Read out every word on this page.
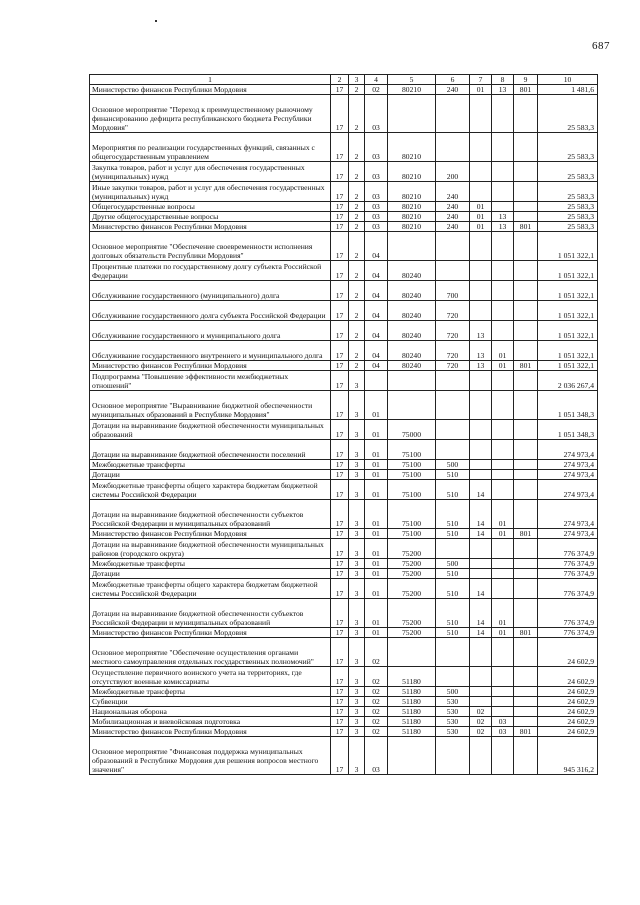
687
1	2	3	4	5	6	7	8	9	10
Министерство финансов Республики Мордовия	17	2	02	80210	240	01	13	801	1 481,6
Основное мероприятие "Переход к преимущественному рыночному финансированию дефицита республиканского бюджета Республики Мордовия"	17	2	03						25 583,3
Мероприятия по реализации государственных функций, связанных с общегосударственным управлением	17	2	03	80210					25 583,3
Закупка товаров, работ и услуг для обеспечения государственных (муниципальных) нужд	17	2	03	80210	200				25 583,3
Иные закупки товаров, работ и услуг для обеспечения государственных (муниципальных) нужд	17	2	03	80210	240				25 583,3
Общегосударственные вопросы	17	2	03	80210	240	01			25 583,3
Другие общегосударственные вопросы	17	2	03	80210	240	01	13		25 583,3
Министерство финансов Республики Мордовия	17	2	03	80210	240	01	13	801	25 583,3
Основное мероприятие "Обеспечение своевременности исполнения долговых обязательств Республики Мордовия"	17	2	04						1 051 322,1
Процентные платежи по государственному долгу субъекта Российской Федерации	17	2	04	80240					1 051 322,1
Обслуживание государственного (муниципального) долга	17	2	04	80240	700				1 051 322,1
Обслуживание государственного долга субъекта Российской Федерации	17	2	04	80240	720				1 051 322,1
Обслуживание государственного и муниципального долга	17	2	04	80240	720	13			1 051 322,1
Обслуживание государственного внутреннего и муниципального долга	17	2	04	80240	720	13	01		1 051 322,1
Министерство финансов Республики Мордовия	17	2	04	80240	720	13	01	801	1 051 322,1
Подпрограмма "Повышение эффективности межбюджетных отношений"	17	3							2 036 267,4
Основное мероприятие "Выравнивание бюджетной обеспеченности муниципальных образований в Республике Мордовия"	17	3	01						1 051 348,3
Дотации на выравнивание бюджетной обеспеченности муниципальных образований	17	3	01	75000					1 051 348,3
Дотации на выравнивание бюджетной обеспеченности поселений	17	3	01	75100					274 973,4
Межбюджетные трансферты	17	3	01	75100	500				274 973,4
Дотации	17	3	01	75100	510				274 973,4
Межбюджетные трансферты общего характера бюджетам бюджетной системы Российской Федерации	17	3	01	75100	510	14			274 973,4
Дотации на выравнивание бюджетной обеспеченности субъектов Российской Федерации и муниципальных образований	17	3	01	75100	510	14	01		274 973,4
Министерство финансов Республики Мордовия	17	3	01	75100	510	14	01	801	274 973,4
Дотации на выравнивание бюджетной обеспеченности муниципальных районов (городского округа)	17	3	01	75200					776 374,9
Межбюджетные трансферты	17	3	01	75200	500				776 374,9
Дотации	17	3	01	75200	510				776 374,9
Межбюджетные трансферты общего характера бюджетам бюджетной системы Российской Федерации	17	3	01	75200	510	14			776 374,9
Дотации на выравнивание бюджетной обеспеченности субъектов Российской Федерации и муниципальных образований	17	3	01	75200	510	14	01		776 374,9
Министерство финансов Республики Мордовия	17	3	01	75200	510	14	01	801	776 374,9
Основное мероприятие "Обеспечение осуществления органами местного самоуправления отдельных государственных полномочий"	17	3	02						24 602,9
Осуществление первичного воинского учета на территориях, где отсутствуют военные комиссариаты	17	3	02	51180					24 602,9
Межбюджетные трансферты	17	3	02	51180	500				24 602,9
Субвенции	17	3	02	51180	530				24 602,9
Национальная оборона	17	3	02	51180	530	02			24 602,9
Мобилизационная и вневойсковая подготовка	17	3	02	51180	530	02	03		24 602,9
Министерство финансов Республики Мордовия	17	3	02	51180	530	02	03	801	24 602,9
Основное мероприятие "Финансовая поддержка муниципальных образований в Республике Мордовия для решения вопросов местного значения"	17	3	03						945 316,2
